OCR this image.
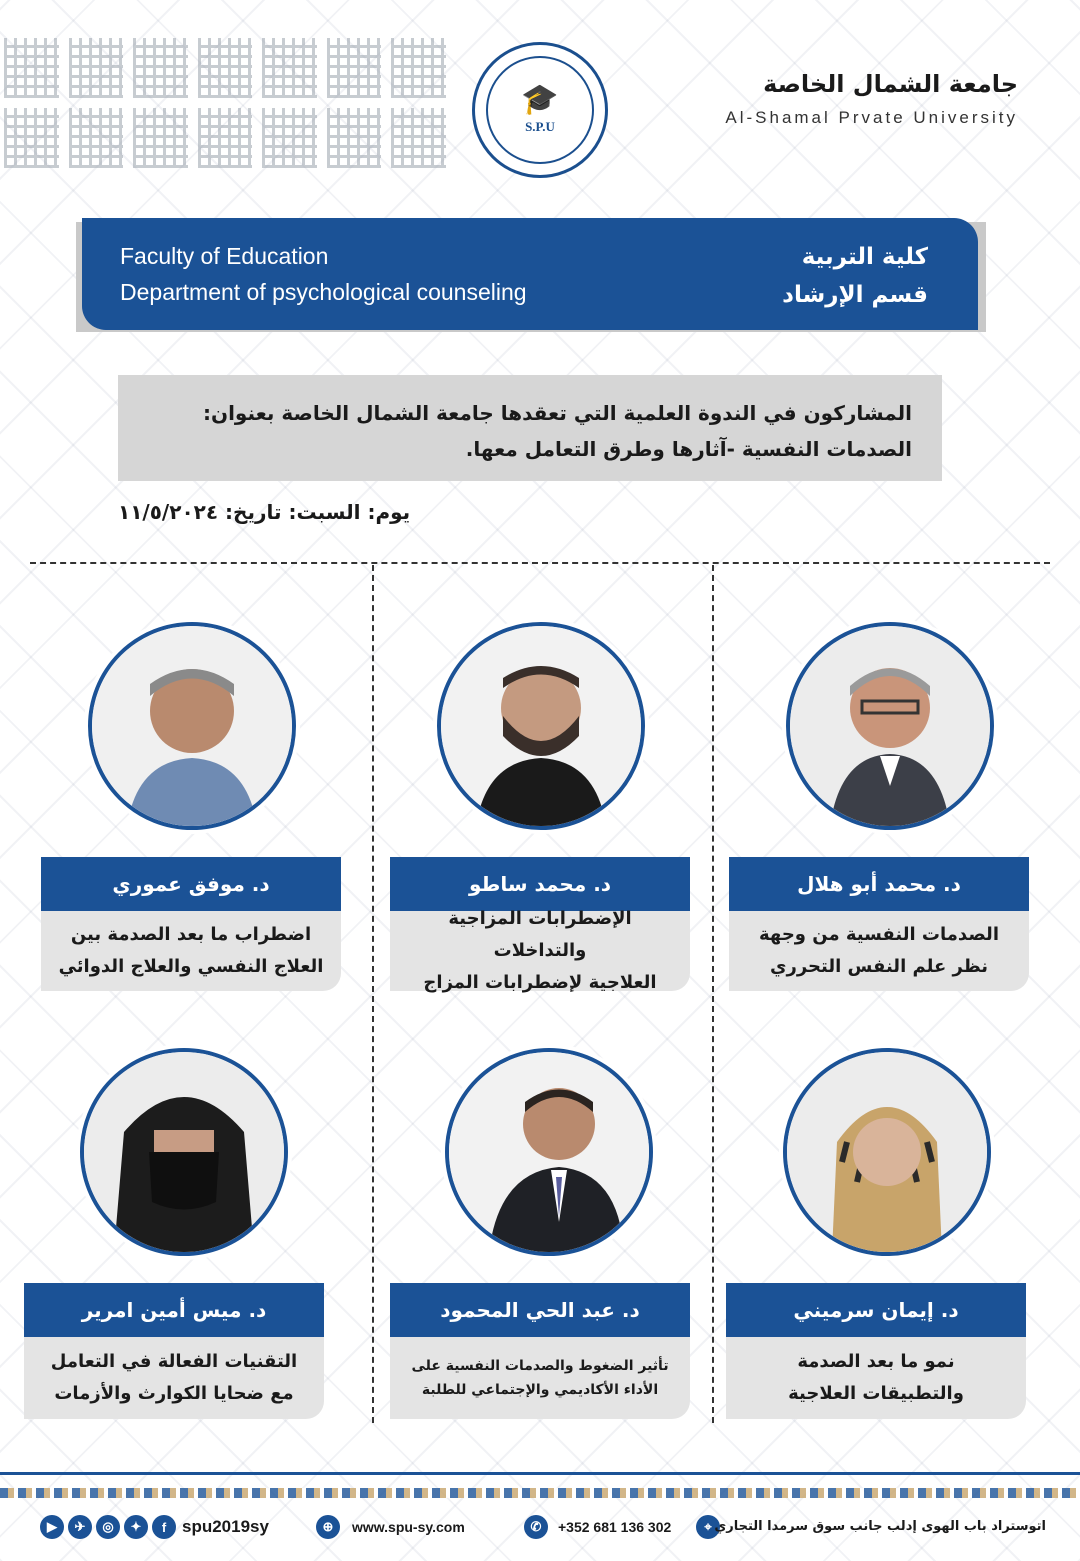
🎓
S.P.U
جامعة الشمال الخاصة
Al-Shamal Prvate University
Faculty of Education
Department of psychological counseling
كلية التربية
قسم الإرشاد
المشاركون في الندوة العلمية التي تعقدها جامعة الشمال الخاصة بعنوان:
الصدمات النفسية -آثارها وطرق التعامل معها.
يوم: السبت: تاريخ: ١١/٥/٢٠٢٤
د. محمد أبو هلال
الصدمات النفسية من وجهة
نظر علم النفس التحرري
د. محمد ساطو
الإضطرابات المزاجية والتداخلات
العلاجية لإضطرابات المزاج
د. موفق عموري
اضطراب ما بعد الصدمة بين
العلاج النفسي والعلاج الدوائي
د. إيمان سرميني
نمو ما بعد الصدمة
والتطبيقات العلاجية
د. عبد الحي المحمود
تأثير الضغوط والصدمات النفسية على
الأداء الأكاديمي والإجتماعي للطلبة
د. ميس أمين امرير
التقنيات الفعالة في التعامل
مع ضحايا الكوارث والأزمات
▶	✈	◎	✦	f spu2019sy	⊕	www.spu-sy.com	✆	+352 681 136 302	⌖ اتوستراد باب الهوى إدلب جانب سوق سرمدا التجاري
